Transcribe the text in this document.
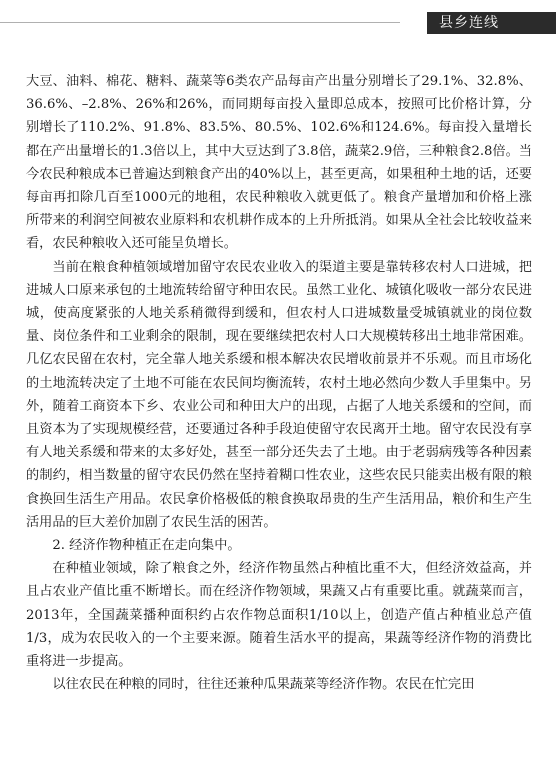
县乡连线

大豆、油料、棉花、糖料、蔬菜等6类农产品每亩产出量分别增长了29.1%、32.8%、36.6%、–2.8%、26%和26%，而同期每亩投入量即总成本，按照可比价格计算，分别增长了110.2%、91.8%、83.5%、80.5%、102.6%和124.6%。每亩投入量增长都在产出量增长的1.3倍以上，其中大豆达到了3.8倍，蔬菜2.9倍，三种粮食2.8倍。当今农民种粮成本已普遍达到粮食产出的40%以上，甚至更高，如果租种土地的话，还要每亩再扣除几百至1000元的地租，农民种粮收入就更低了。粮食产量增加和价格上涨所带来的利润空间被农业原料和农机耕作成本的上升所抵消。如果从全社会比较收益来看，农民种粮收入还可能呈负增长。

当前在粮食种植领域增加留守农民农业收入的渠道主要是靠转移农村人口进城，把进城人口原来承包的土地流转给留守种田农民。虽然工业化、城镇化吸收一部分农民进城，使高度紧张的人地关系稍微得到缓和，但农村人口进城数量受城镇就业的岗位数量、岗位条件和工业剩余的限制，现在要继续把农村人口大规模转移出土地非常困难。几亿农民留在农村，完全靠人地关系缓和根本解决农民增收前景并不乐观。而且市场化的土地流转决定了土地不可能在农民间均衡流转，农村土地必然向少数人手里集中。另外，随着工商资本下乡、农业公司和种田大户的出现，占据了人地关系缓和的空间，而且资本为了实现规模经营，还要通过各种手段迫使留守农民离开土地。留守农民没有享有人地关系缓和带来的太多好处，甚至一部分还失去了土地。由于老弱病残等各种因素的制约，相当数量的留守农民仍然在坚持着糊口性农业，这些农民只能卖出极有限的粮食换回生活生产用品。农民拿价格极低的粮食换取昂贵的生产生活用品，粮价和生产生活用品的巨大差价加剧了农民生活的困苦。

2. 经济作物种植正在走向集中。

在种植业领域，除了粮食之外，经济作物虽然占种植比重不大，但经济效益高，并且占农业产值比重不断增长。而在经济作物领域，果蔬又占有重要比重。就蔬菜而言，2013年，全国蔬菜播种面积约占农作物总面积1/10以上，创造产值占种植业总产值1/3，成为农民收入的一个主要来源。随着生活水平的提高，果蔬等经济作物的消费比重将进一步提高。

以往农民在种粮的同时，往往还兼种瓜果蔬菜等经济作物。农民在忙完田
